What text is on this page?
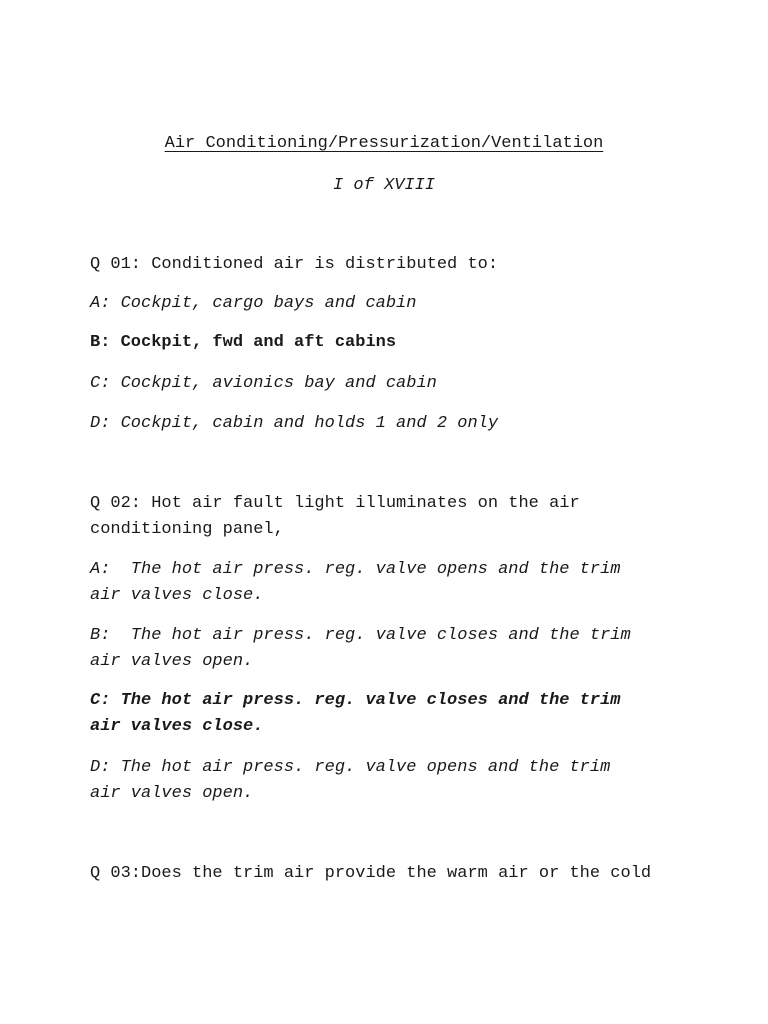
Air Conditioning/Pressurization/Ventilation
I of XVIII
Q 01: Conditioned air is distributed to:
A: Cockpit, cargo bays and cabin
B: Cockpit, fwd and aft cabins
C: Cockpit, avionics bay and cabin
D: Cockpit, cabin and holds 1 and 2 only
Q 02: Hot air fault light illuminates on the air
conditioning panel,
A:  The hot air press. reg. valve opens and the trim
air valves close.
B:  The hot air press. reg. valve closes and the trim
air valves open.
C: The hot air press. reg. valve closes and the trim
air valves close.
D: The hot air press. reg. valve opens and the trim
air valves open.
Q 03:Does the trim air provide the warm air or the cold
